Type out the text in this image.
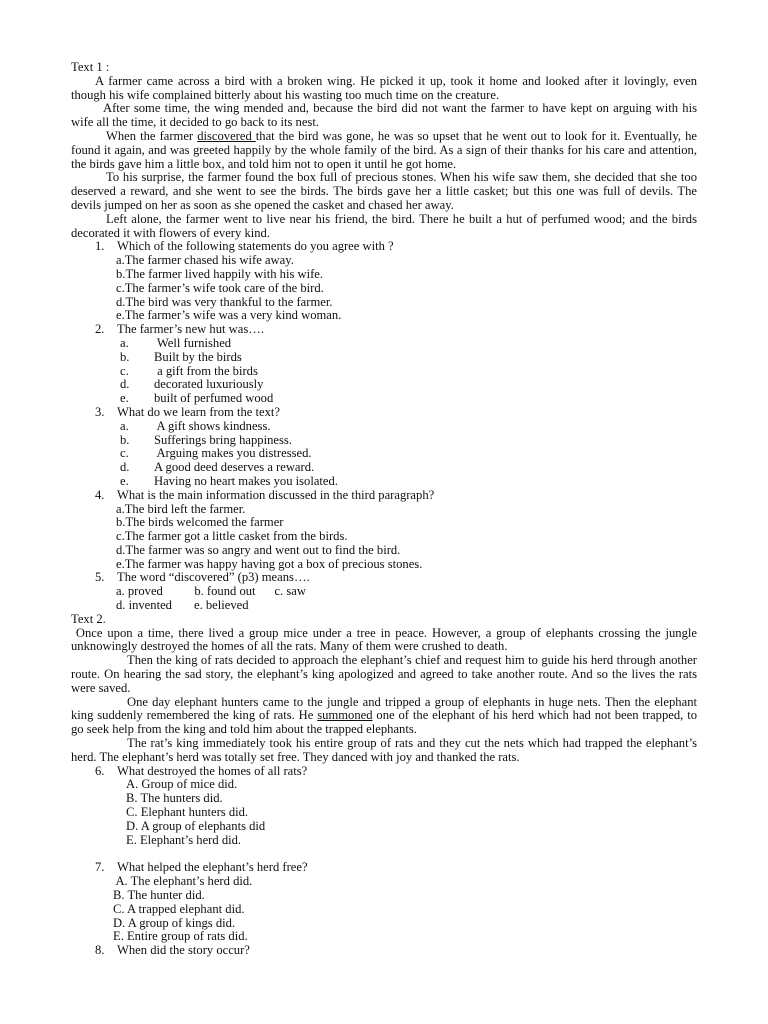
Text 1 :

A farmer came across a bird with a broken wing. He picked it up, took it home and looked after it lovingly, even though his wife complained bitterly about his wasting too much time on the creature.

After some time, the wing mended and, because the bird did not want the farmer to have kept on arguing with his wife all the time, it decided to go back to its nest.

When the farmer discovered that the bird was gone, he was so upset that he went out to look for it. Eventually, he found it again, and was greeted happily by the whole family of the bird. As a sign of their thanks for his care and attention, the birds gave him a little box, and told him not to open it until he got home.

To his surprise, the farmer found the box full of precious stones. When his wife saw them, she decided that she too deserved a reward, and she went to see the birds. The birds gave her a little casket; but this one was full of devils. The devils jumped on her as soon as she opened the casket and chased her away.

Left alone, the farmer went to live near his friend, the bird. There he built a hut of perfumed wood; and the birds decorated it with flowers of every kind.

1. Which of the following statements do you agree with ?

a.The farmer chased his wife away.

b.The farmer lived happily with his wife.

c.The farmer’s wife took care of the bird.

d.The bird was very thankful to the farmer.

e.The farmer’s wife was a very kind woman.

2. The farmer’s new hut was….

a. Well furnished

b. Built by the birds

c. a gift from the birds

d. decorated luxuriously

e. built of perfumed wood

3. What do we learn from the text?

a. A gift shows kindness.

b. Sufferings bring happiness.

c. Arguing makes you distressed.

d. A good deed deserves a reward.

e. Having no heart makes you isolated.

4. What is the main information discussed in the third paragraph?

a.The bird left the farmer.

b.The birds welcomed the farmer

c.The farmer got a little casket from the birds.

d.The farmer was so angry and went out to find the bird.

e.The farmer was happy having got a box of precious stones.

5. The word “discovered” (p3) means….

a. proved          b. found out      c. saw

d. invented       e. believed

Text 2.

Once upon a time, there lived a group mice under a tree in peace. However, a group of elephants crossing the jungle unknowingly destroyed the homes of all the rats. Many of them were crushed to death.

Then the king of rats decided to approach the elephant’s chief and request him to guide his herd through another route. On hearing the sad story, the elephant’s king apologized and agreed to take another route. And so the lives the rats were saved.

One day elephant hunters came to the jungle and tripped a group of elephants in huge nets. Then the elephant king suddenly remembered the king of rats. He summoned one of the elephant of his herd which had not been trapped, to go seek help from the king and told him about the trapped elephants.

The rat’s king immediately took his entire group of rats and they cut the nets which had trapped the elephant’s herd. The elephant’s herd was totally set free. They danced with joy and thanked the rats.

6. What destroyed the homes of all rats?

A. Group of mice did.

B. The hunters did.

C. Elephant hunters did.

D. A group of elephants did

E. Elephant’s herd did.

7. What helped the elephant’s herd free?

A. The elephant’s herd did.

B. The hunter did.

C. A trapped elephant did.

D. A group of kings did.

E. Entire group of rats did.

8. When did the story occur?
